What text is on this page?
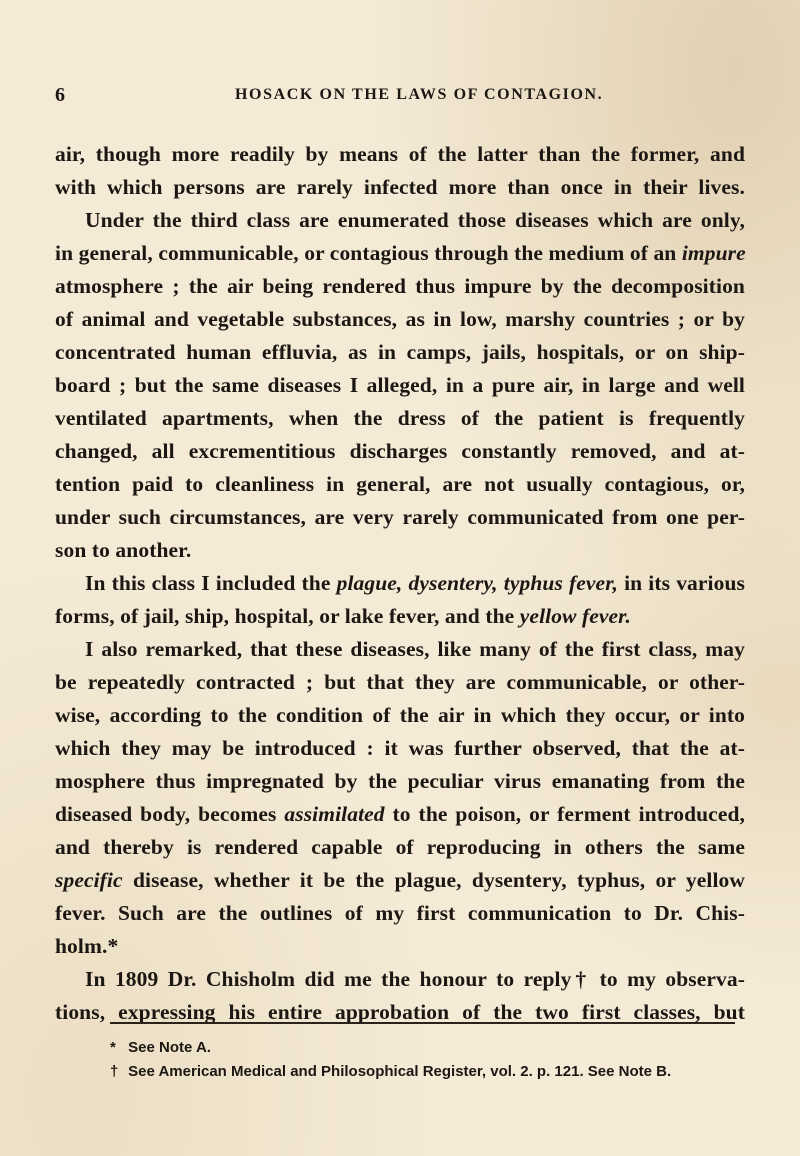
6	HOSACK ON THE LAWS OF CONTAGION.
air, though more readily by means of the latter than the former, and
with which persons are rarely infected more than once in their lives.
Under the third class are enumerated those diseases which are only,
in general, communicable, or contagious through the medium of an impure
atmosphere ; the air being rendered thus impure by the decomposition
of animal and vegetable substances, as in low, marshy countries ; or by
concentrated human effluvia, as in camps, jails, hospitals, or on ship-
board ; but the same diseases I alleged, in a pure air, in large and well
ventilated apartments, when the dress of the patient is frequently
changed, all excrementitious discharges constantly removed, and at-
tention paid to cleanliness in general, are not usually contagious, or,
under such circumstances, are very rarely communicated from one per-
son to another.
In this class I included the plague, dysentery, typhus fever, in its various
forms, of jail, ship, hospital, or lake fever, and the yellow fever.
I also remarked, that these diseases, like many of the first class, may
be repeatedly contracted ; but that they are communicable, or other-
wise, according to the condition of the air in which they occur, or into
which they may be introduced : it was further observed, that the at-
mosphere thus impregnated by the peculiar virus emanating from the
diseased body, becomes assimilated to the poison, or ferment introduced,
and thereby is rendered capable of reproducing in others the same
specific disease, whether it be the plague, dysentery, typhus, or yellow
fever. Such are the outlines of my first communication to Dr. Chis-
holm.*
In 1809 Dr. Chisholm did me the honour to reply† to my observa-
tions, expressing his entire approbation of the two first classes, but
* See Note A.
† See American Medical and Philosophical Register, vol. 2. p. 121. See Note B.
